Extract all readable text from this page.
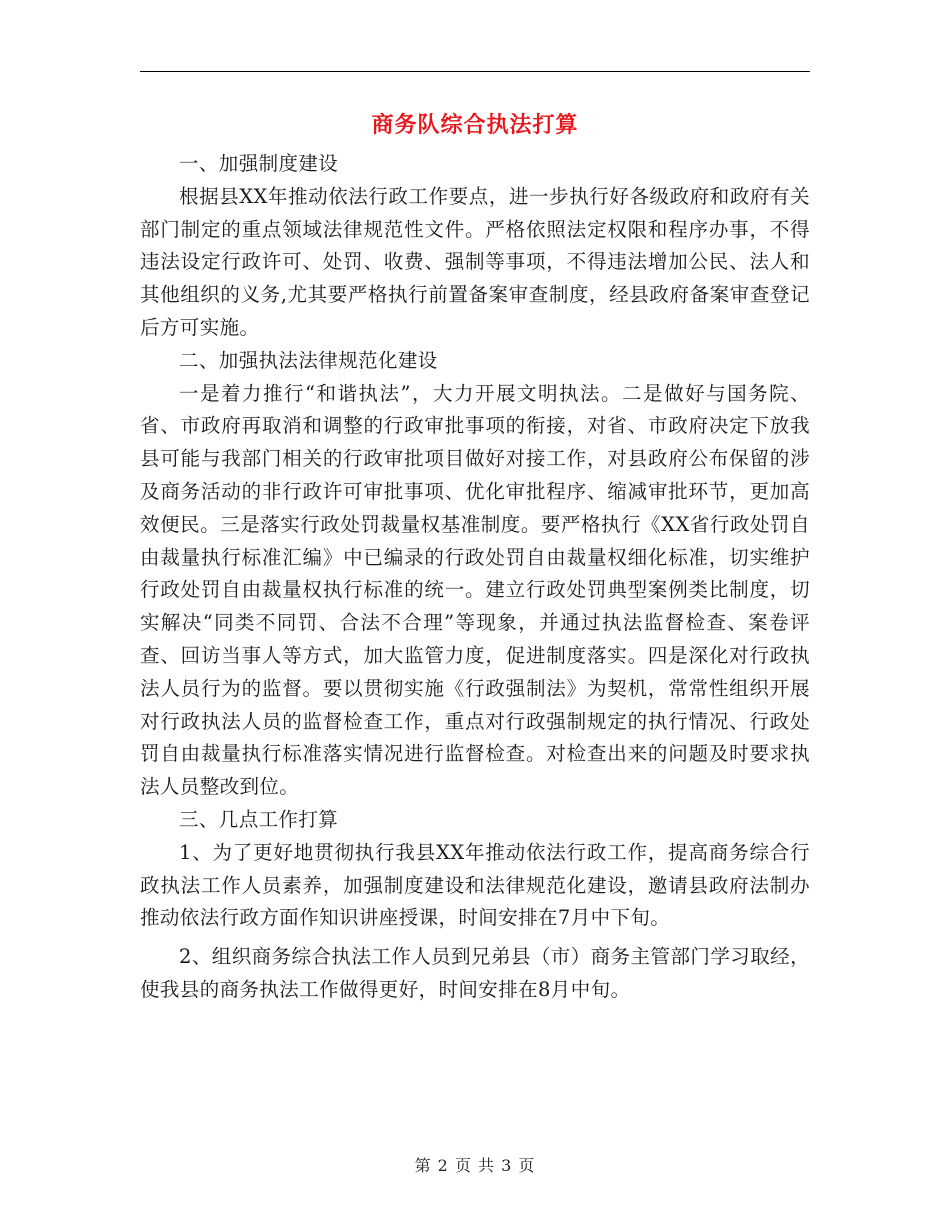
商务队综合执法打算

一、加强制度建设

根据县XX年推动依法行政工作要点，进一步执行好各级政府和政府有关部门制定的重点领域法律规范性文件。严格依照法定权限和程序办事，不得违法设定行政许可、处罚、收费、强制等事项，不得违法增加公民、法人和其他组织的义务,尤其要严格执行前置备案审查制度，经县政府备案审查登记后方可实施。

二、加强执法法律规范化建设

一是着力推行“和谐执法”，大力开展文明执法。二是做好与国务院、省、市政府再取消和调整的行政审批事项的衔接，对省、市政府决定下放我县可能与我部门相关的行政审批项目做好对接工作，对县政府公布保留的涉及商务活动的非行政许可审批事项、优化审批程序、缩减审批环节，更加高效便民。三是落实行政处罚裁量权基准制度。要严格执行《XX省行政处罚自由裁量执行标准汇编》中已编录的行政处罚自由裁量权细化标准，切实维护行政处罚自由裁量权执行标准的统一。建立行政处罚典型案例类比制度，切实解决“同类不同罚、合法不合理”等现象，并通过执法监督检查、案卷评查、回访当事人等方式，加大监管力度，促进制度落实。四是深化对行政执法人员行为的监督。要以贯彻实施《行政强制法》为契机，常常性组织开展对行政执法人员的监督检查工作，重点对行政强制规定的执行情况、行政处罚自由裁量执行标准落实情况进行监督检查。对检查出来的问题及时要求执法人员整改到位。

三、几点工作打算

1、为了更好地贯彻执行我县XX年推动依法行政工作，提高商务综合行政执法工作人员素养，加强制度建设和法律规范化建设，邀请县政府法制办推动依法行政方面作知识讲座授课，时间安排在7月中下旬。

2、组织商务综合执法工作人员到兄弟县（市）商务主管部门学习取经，使我县的商务执法工作做得更好，时间安排在8月中旬。

第 2 页 共 3 页
